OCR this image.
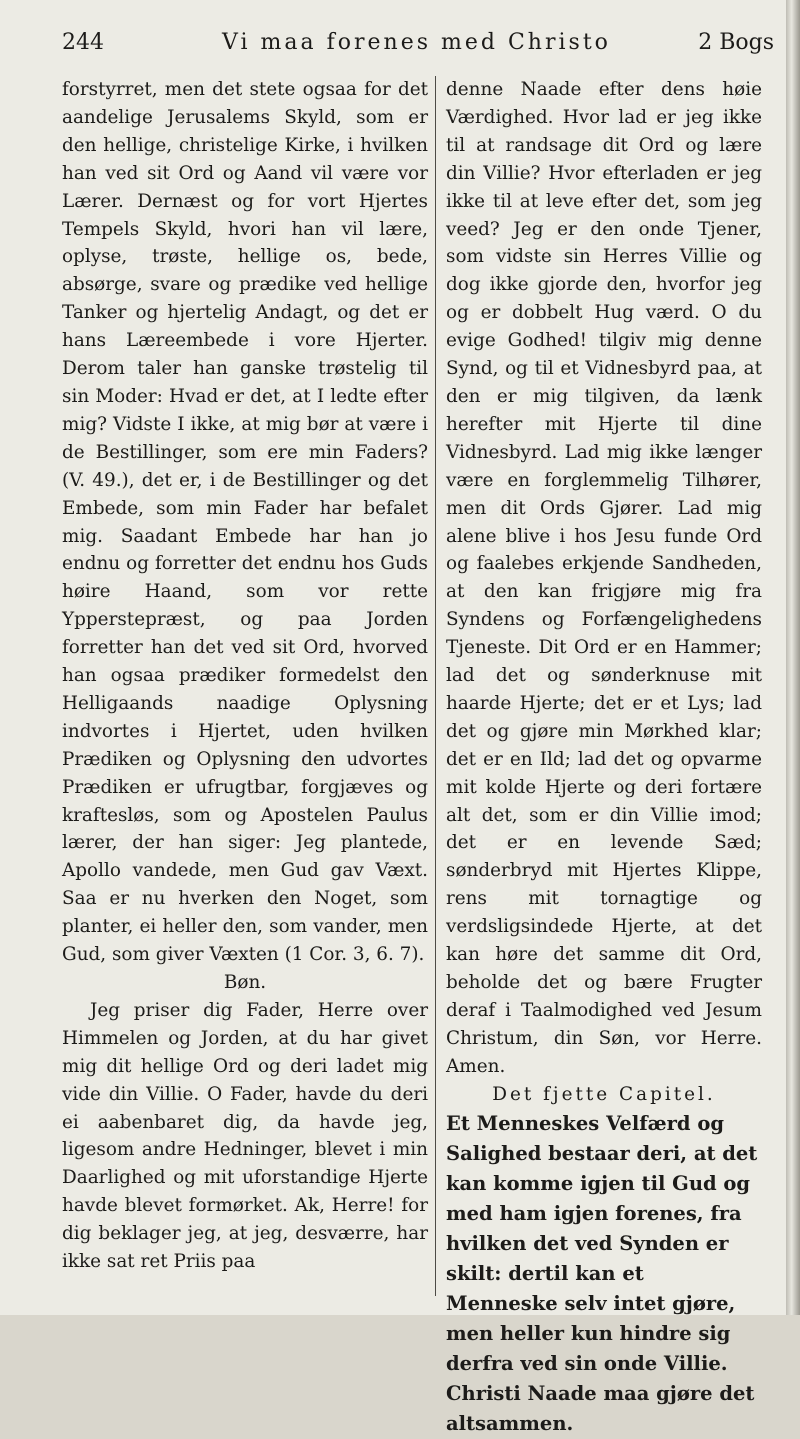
244	Vi maa forenes med Christo	2 Bogs

forstyrret, men det stete ogsaa for det aandelige Jerusalems Skyld, som er den hellige, christelige Kirke, i hvilken han ved sit Ord og Aand vil være vor Lærer. Dernæst og for vort Hjertes Tempels Skyld, hvori han vil lære, oplyse, trøste, hellige os, bede, absørge, svare og prædike ved hellige Tanker og hjertelig Andagt, og det er hans Læreembede i vore Hjerter. Derom taler han ganske trøstelig til sin Moder: Hvad er det, at I ledte efter mig? Vidste I ikke, at mig bør at være i de Bestillinger, som ere min Faders? (V. 49.), det er, i de Bestillinger og det Embede, som min Fader har befalet mig. Saadant Embede har han jo endnu og forretter det endnu hos Guds høire Haand, som vor rette Ypperstepræst, og paa Jorden forretter han det ved sit Ord, hvorved han ogsaa prædiker formedelst den Helligaands naadige Oplysning indvortes i Hjertet, uden hvilken Prædiken og Oplysning den udvortes Prædiken er ufrugtbar, forgjæves og kraftesløs, som og Apostelen Paulus lærer, der han siger: Jeg plantede, Apollo vandede, men Gud gav Væxt. Saa er nu hverken den Noget, som planter, ei heller den, som vander, men Gud, som giver Væxten (1 Cor. 3, 6. 7).

Bøn.

Jeg priser dig Fader, Herre over Himmelen og Jorden, at du har givet mig dit hellige Ord og deri ladet mig vide din Villie. O Fader, havde du deri ei aabenbaret dig, da havde jeg, ligesom andre Hedninger, blevet i min Daarlighed og mit uforstandige Hjerte havde blevet formørket. Ak, Herre! for dig beklager jeg, at jeg, desværre, har ikke sat ret Priis paa

denne Naade efter dens høie Værdighed. Hvor lad er jeg ikke til at randsage dit Ord og lære din Villie? Hvor efterladen er jeg ikke til at leve efter det, som jeg veed? Jeg er den onde Tjener, som vidste sin Herres Villie og dog ikke gjorde den, hvorfor jeg og er dobbelt Hug værd. O du evige Godhed! tilgiv mig denne Synd, og til et Vidnesbyrd paa, at den er mig tilgiven, da lænk herefter mit Hjerte til dine Vidnesbyrd. Lad mig ikke længer være en forglemmelig Tilhører, men dit Ords Gjører. Lad mig alene blive i hos Jesu funde Ord og faalebes erkjende Sandheden, at den kan frigjøre mig fra Syndens og Forfængelighedens Tjeneste. Dit Ord er en Hammer; lad det og sønderknuse mit haarde Hjerte; det er et Lys; lad det og gjøre min Mørkhed klar; det er en Ild; lad det og opvarme mit kolde Hjerte og deri fortære alt det, som er din Villie imod; det er en levende Sæd; sønderbryd mit Hjertes Klippe, rens mit tornagtige og verdsligsindede Hjerte, at det kan høre det samme dit Ord, beholde det og bære Frugter deraf i Taalmodighed ved Jesum Christum, din Søn, vor Herre. Amen.

Det fjette Capitel.

Et Menneskes Velfærd og Salighed bestaar deri, at det kan komme igjen til Gud og med ham igjen forenes, fra hvilken det ved Synden er skilt: dertil kan et Menneske selv intet gjøre, men heller kun hindre sig derfra ved sin onde Villie. Christi Naade maa gjøre det altsammen.
